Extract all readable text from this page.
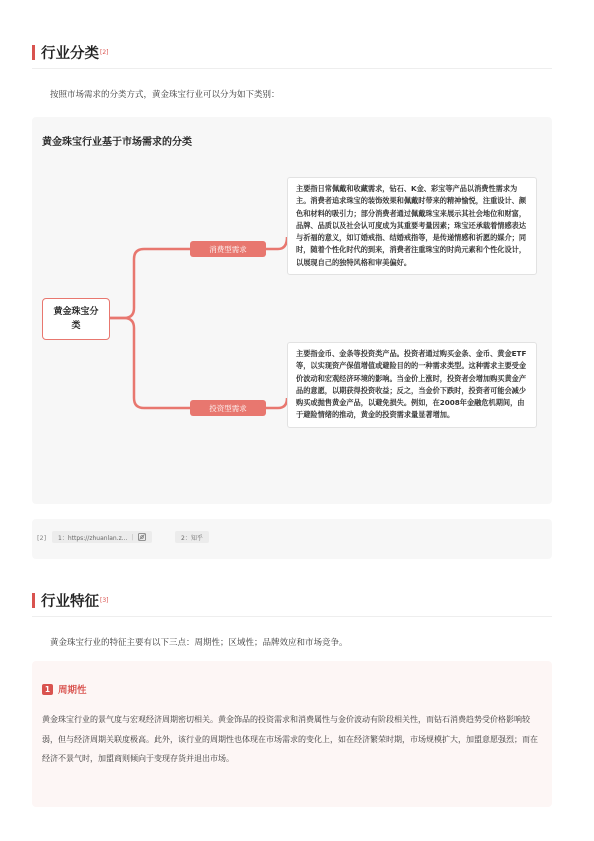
行业分类 [2]
按照市场需求的分类方式，黄金珠宝行业可以分为如下类别：
黄金珠宝行业基于市场需求的分类
黄金珠宝分类
消费型需求
投资型需求
主要指日常佩戴和收藏需求，钻石、K金、彩宝等产品以消费性需求为主。消费者追求珠宝的装饰效果和佩戴时带来的精神愉悦，注重设计、颜色和材料的吸引力；部分消费者通过佩戴珠宝来展示其社会地位和财富，品牌、品质以及社会认可度成为其重要考量因素；珠宝还承载着情感表达与祈福的意义，如订婚戒指、结婚戒指等，是传递情感和祈愿的媒介；同时，随着个性化时代的到来，消费者注重珠宝的时尚元素和个性化设计，以展现自己的独特风格和审美偏好。
主要指金币、金条等投资类产品。投资者通过购买金条、金币、黄金ETF等，以实现资产保值增值或避险目的的一种需求类型。这种需求主要受金价波动和宏观经济环境的影响。当金价上涨时，投资者会增加购买黄金产品的意愿，以期获得投资收益；反之，当金价下跌时，投资者可能会减少购买或抛售黄金产品，以避免损失。例如，在2008年金融危机期间，由于避险情绪的推动，黄金的投资需求量显著增加。
[2] 1：https://zhuanlan.z... |	2：知乎
行业特征 [3]
黄金珠宝行业的特征主要有以下三点：周期性；区域性；品牌效应和市场竞争。
1 周期性
黄金珠宝行业的景气度与宏观经济周期密切相关。黄金饰品的投资需求和消费属性与金价波动有阶段相关性，而钻石消费趋势受价格影响较弱，但与经济周期关联度极高。此外，该行业的周期性也体现在市场需求的变化上，如在经济繁荣时期，市场规模扩大，加盟意愿强烈；而在经济不景气时，加盟商则倾向于变现存货并退出市场。
